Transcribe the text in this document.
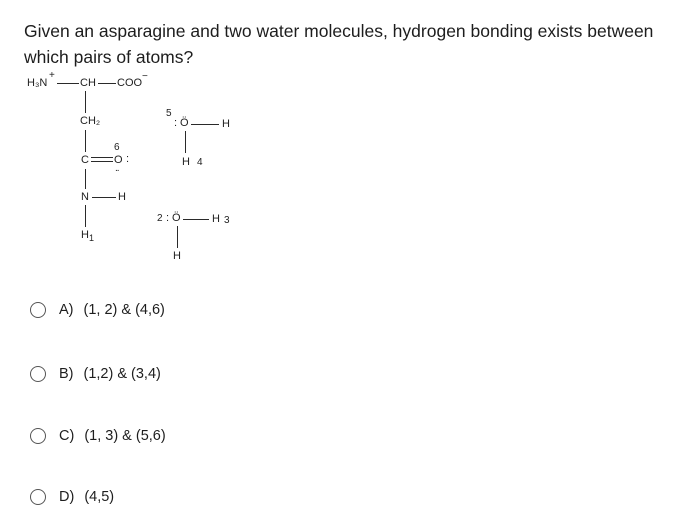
Given an asparagine and two water molecules, hydrogen bonding exists between
which pairs of atoms?
H₃N
+
CH COO
−
CH₂
6
C O :
..
N	H
$H_1$
5
: Ö	H
H 4
2 : Ö	H 3
H
A) (1, 2) & (4,6)
B) (1,2) & (3,4)
C) (1, 3) & (5,6)
D) (4,5)
